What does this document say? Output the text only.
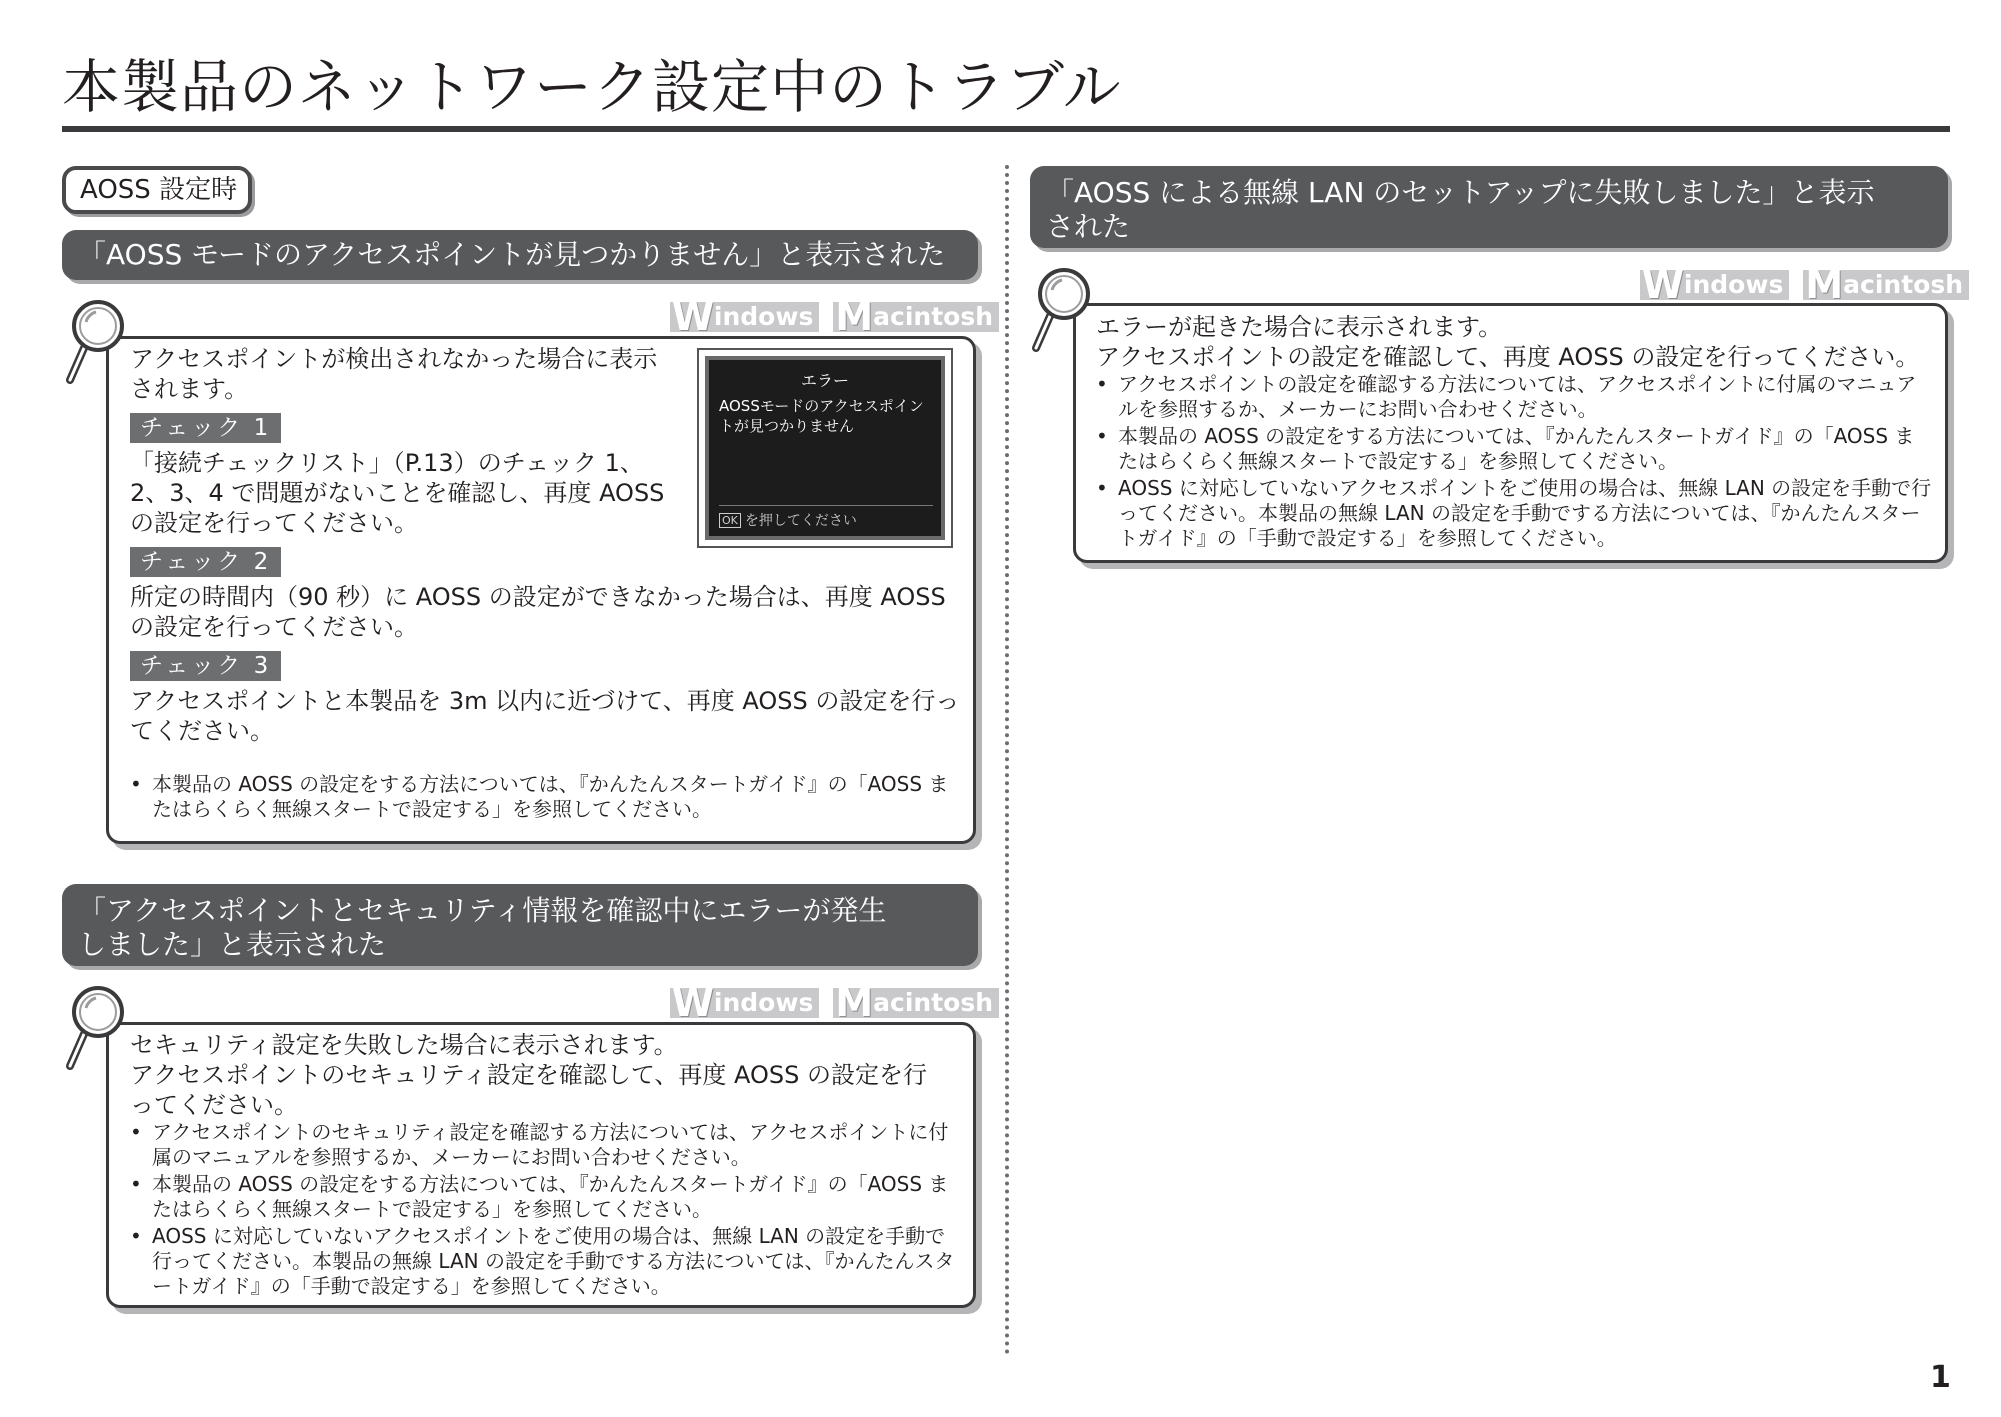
本製品のネットワーク設定中のトラブル
AOSS 設定時
「AOSS モードのアクセスポイントが見つかりません」と表示された
Windows Macintosh
アクセスポイントが検出されなかった場合に表示されます。	エラー
AOSSモードのアクセスポイントが見つかりません
OK を押してください
チェック 1
「接続チェックリスト」（P.13）のチェック 1、2、3、4 で問題がないことを確認し、再度 AOSS の設定を行ってください。
チェック 2
所定の時間内（90 秒）に AOSS の設定ができなかった場合は、再度 AOSS の設定を行ってください。
チェック 3
アクセスポイントと本製品を 3m 以内に近づけて、再度 AOSS の設定を行ってください。
• 本製品の AOSS の設定をする方法については、『かんたんスタートガイド』の「AOSS またはらくらく無線スタートで設定する」を参照してください。
「アクセスポイントとセキュリティ情報を確認中にエラーが発生
しました」と表示された
Windows Macintosh
セキュリティ設定を失敗した場合に表示されます。
アクセスポイントのセキュリティ設定を確認して、再度 AOSS の設定を行ってください。
• アクセスポイントのセキュリティ設定を確認する方法については、アクセスポイントに付属のマニュアルを参照するか、メーカーにお問い合わせください。
• 本製品の AOSS の設定をする方法については、『かんたんスタートガイド』の「AOSS またはらくらく無線スタートで設定する」を参照してください。
• AOSS に対応していないアクセスポイントをご使用の場合は、無線 LAN の設定を手動で行ってください。本製品の無線 LAN の設定を手動でする方法については、『かんたんスタートガイド』の「手動で設定する」を参照してください。
「AOSS による無線 LAN のセットアップに失敗しました」と表示
された
Windows Macintosh
エラーが起きた場合に表示されます。
アクセスポイントの設定を確認して、再度 AOSS の設定を行ってください。
• アクセスポイントの設定を確認する方法については、アクセスポイントに付属のマニュアルを参照するか、メーカーにお問い合わせください。
• 本製品の AOSS の設定をする方法については、『かんたんスタートガイド』の「AOSS またはらくらく無線スタートで設定する」を参照してください。
• AOSS に対応していないアクセスポイントをご使用の場合は、無線 LAN の設定を手動で行ってください。本製品の無線 LAN の設定を手動でする方法については、『かんたんスタートガイド』の「手動で設定する」を参照してください。
1
